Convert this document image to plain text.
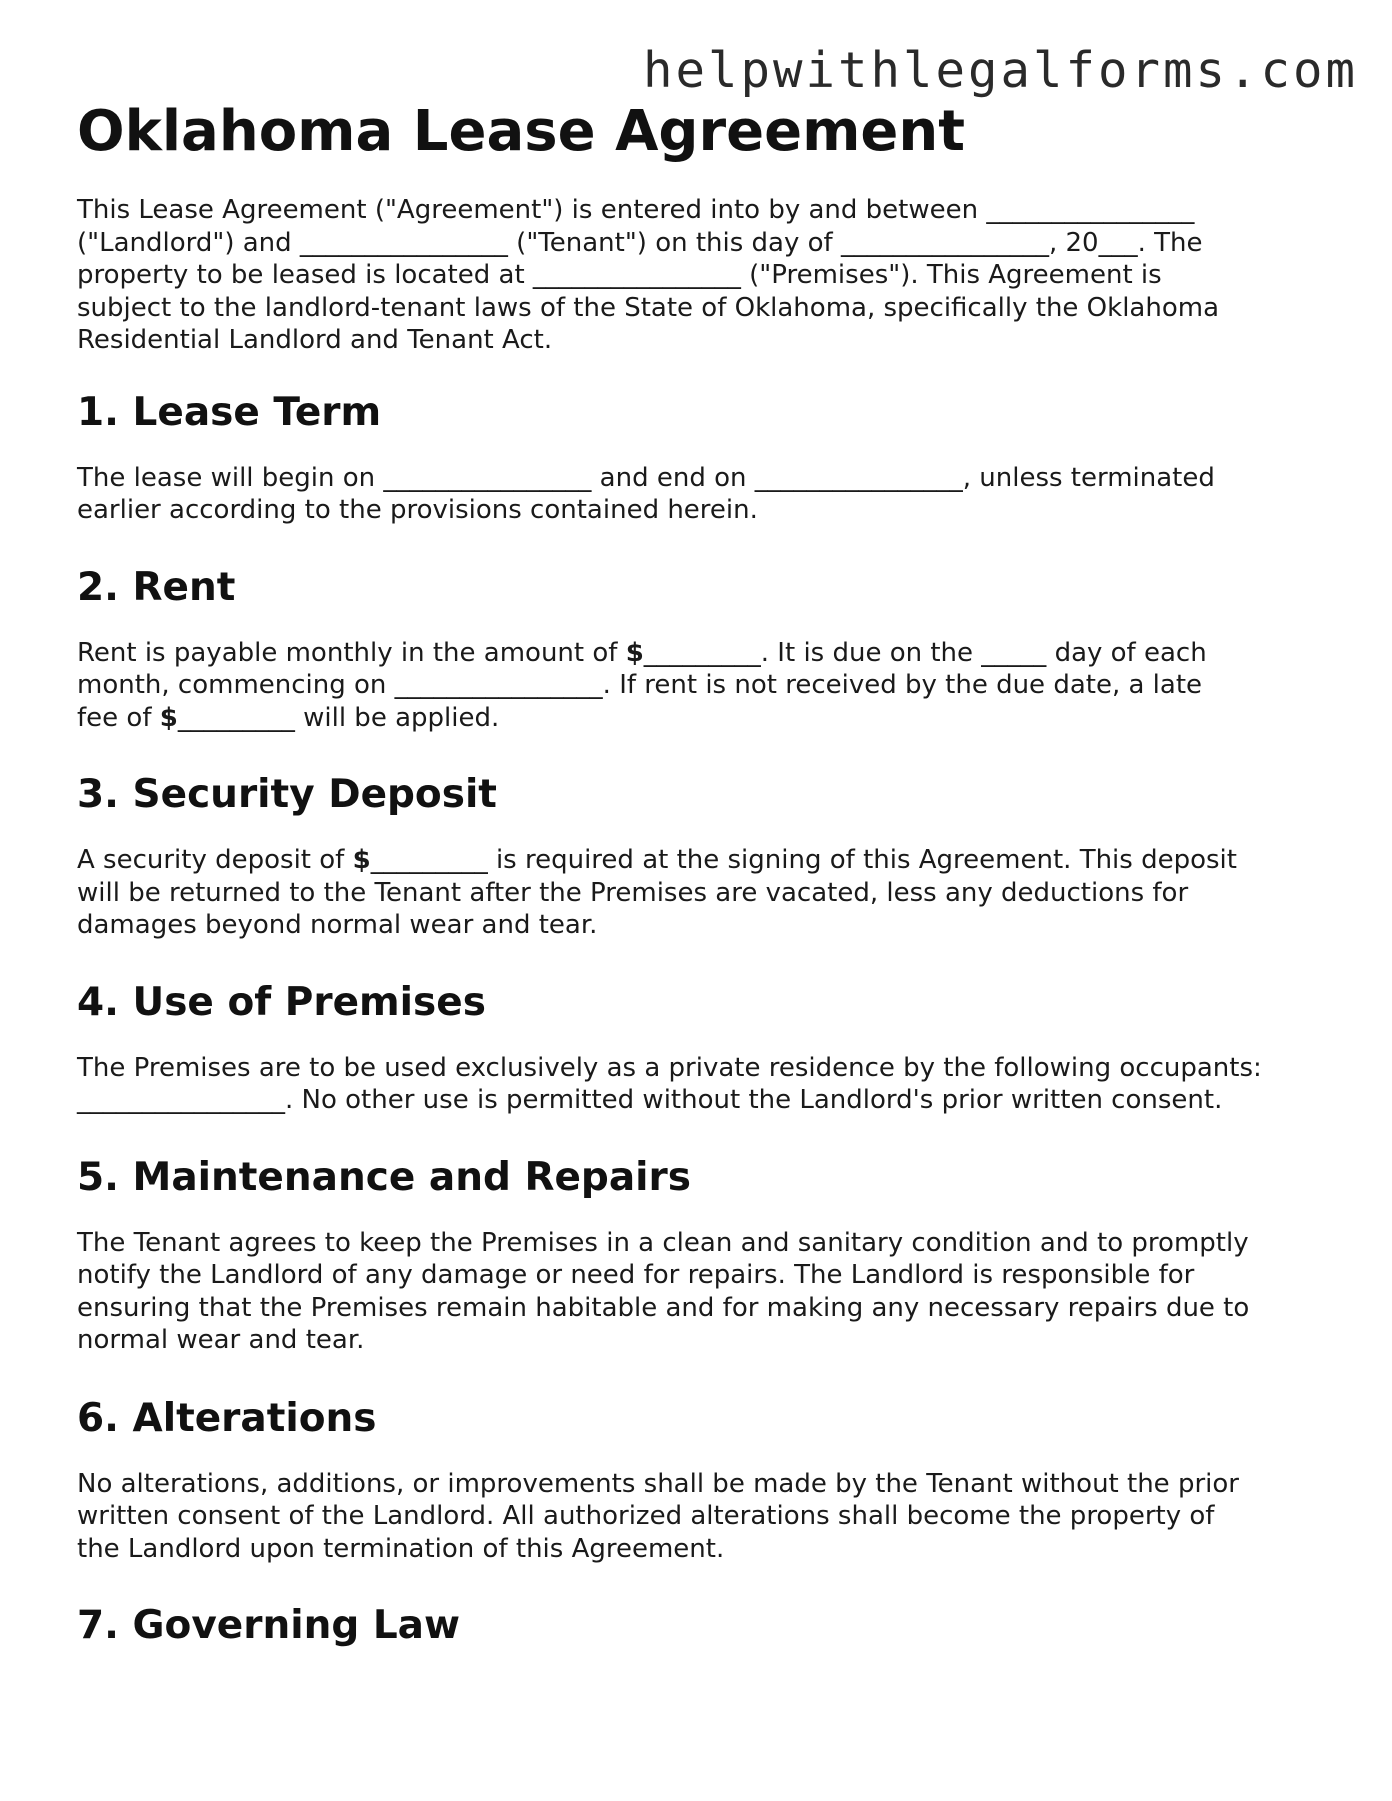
helpwithlegalforms.com
Oklahoma Lease Agreement

This Lease Agreement ("Agreement") is entered into by and between ________________
("Landlord") and ________________ ("Tenant") on this day of ________________, 20___. The
property to be leased is located at ________________ ("Premises"). This Agreement is
subject to the landlord-tenant laws of the State of Oklahoma, specifically the Oklahoma
Residential Landlord and Tenant Act.

1. Lease Term

The lease will begin on ________________ and end on ________________, unless terminated
earlier according to the provisions contained herein.

2. Rent

Rent is payable monthly in the amount of $_________. It is due on the _____ day of each
month, commencing on ________________. If rent is not received by the due date, a late
fee of $_________ will be applied.

3. Security Deposit

A security deposit of $_________ is required at the signing of this Agreement. This deposit
will be returned to the Tenant after the Premises are vacated, less any deductions for
damages beyond normal wear and tear.

4. Use of Premises

The Premises are to be used exclusively as a private residence by the following occupants:
________________. No other use is permitted without the Landlord's prior written consent.

5. Maintenance and Repairs

The Tenant agrees to keep the Premises in a clean and sanitary condition and to promptly
notify the Landlord of any damage or need for repairs. The Landlord is responsible for
ensuring that the Premises remain habitable and for making any necessary repairs due to
normal wear and tear.

6. Alterations

No alterations, additions, or improvements shall be made by the Tenant without the prior
written consent of the Landlord. All authorized alterations shall become the property of
the Landlord upon termination of this Agreement.

7. Governing Law
